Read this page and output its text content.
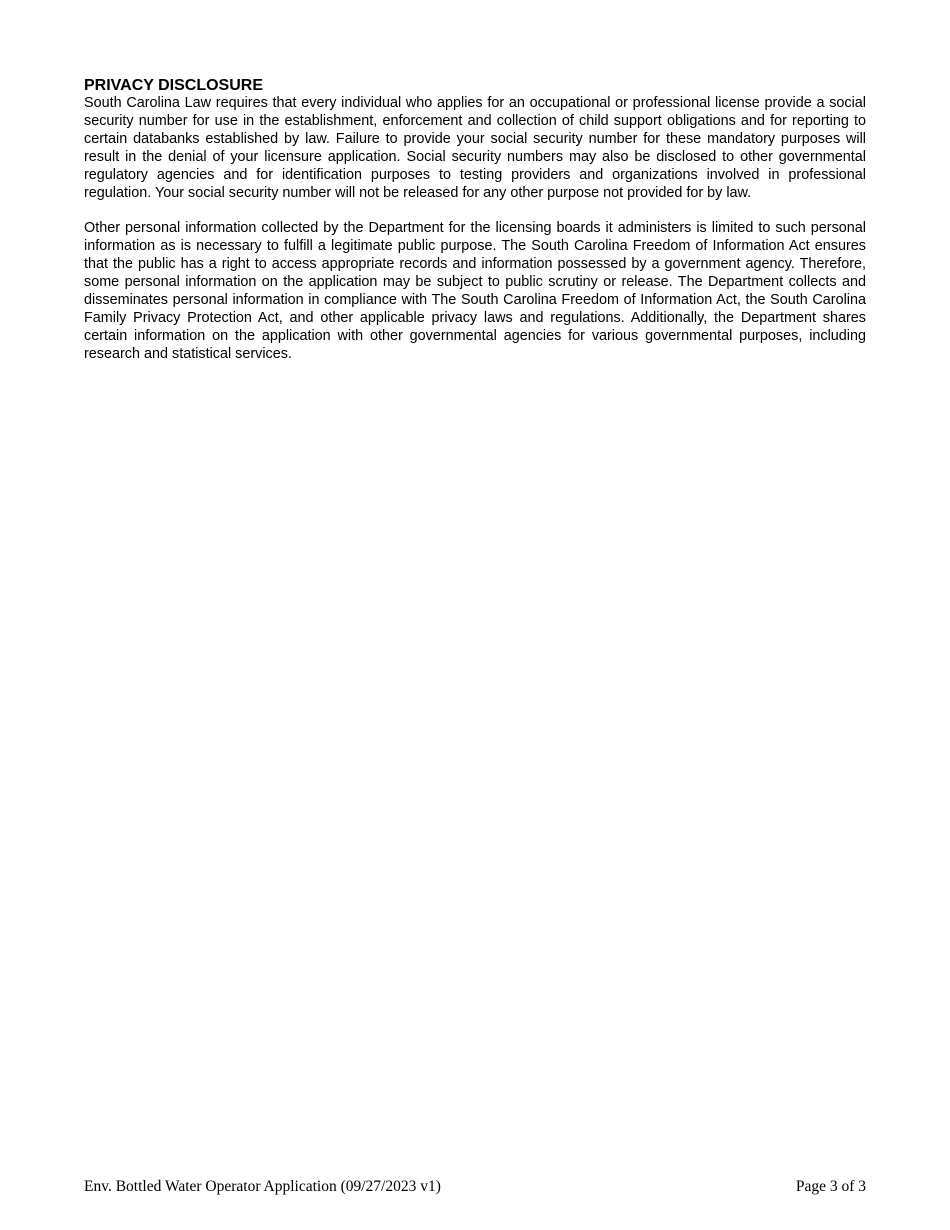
PRIVACY DISCLOSURE

South Carolina Law requires that every individual who applies for an occupational or professional license provide a social security number for use in the establishment, enforcement and collection of child support obligations and for reporting to certain databanks established by law. Failure to provide your social security number for these mandatory purposes will result in the denial of your licensure application. Social security numbers may also be disclosed to other governmental regulatory agencies and for identification purposes to testing providers and organizations involved in professional regulation. Your social security number will not be released for any other purpose not provided for by law.

Other personal information collected by the Department for the licensing boards it administers is limited to such personal information as is necessary to fulfill a legitimate public purpose. The South Carolina Freedom of Information Act ensures that the public has a right to access appropriate records and information possessed by a government agency. Therefore, some personal information on the application may be subject to public scrutiny or release. The Department collects and disseminates personal information in compliance with The South Carolina Freedom of Information Act, the South Carolina Family Privacy Protection Act, and other applicable privacy laws and regulations. Additionally, the Department shares certain information on the application with other governmental agencies for various governmental purposes, including research and statistical services.

Env. Bottled Water Operator Application (09/27/2023 v1)	Page 3 of 3
